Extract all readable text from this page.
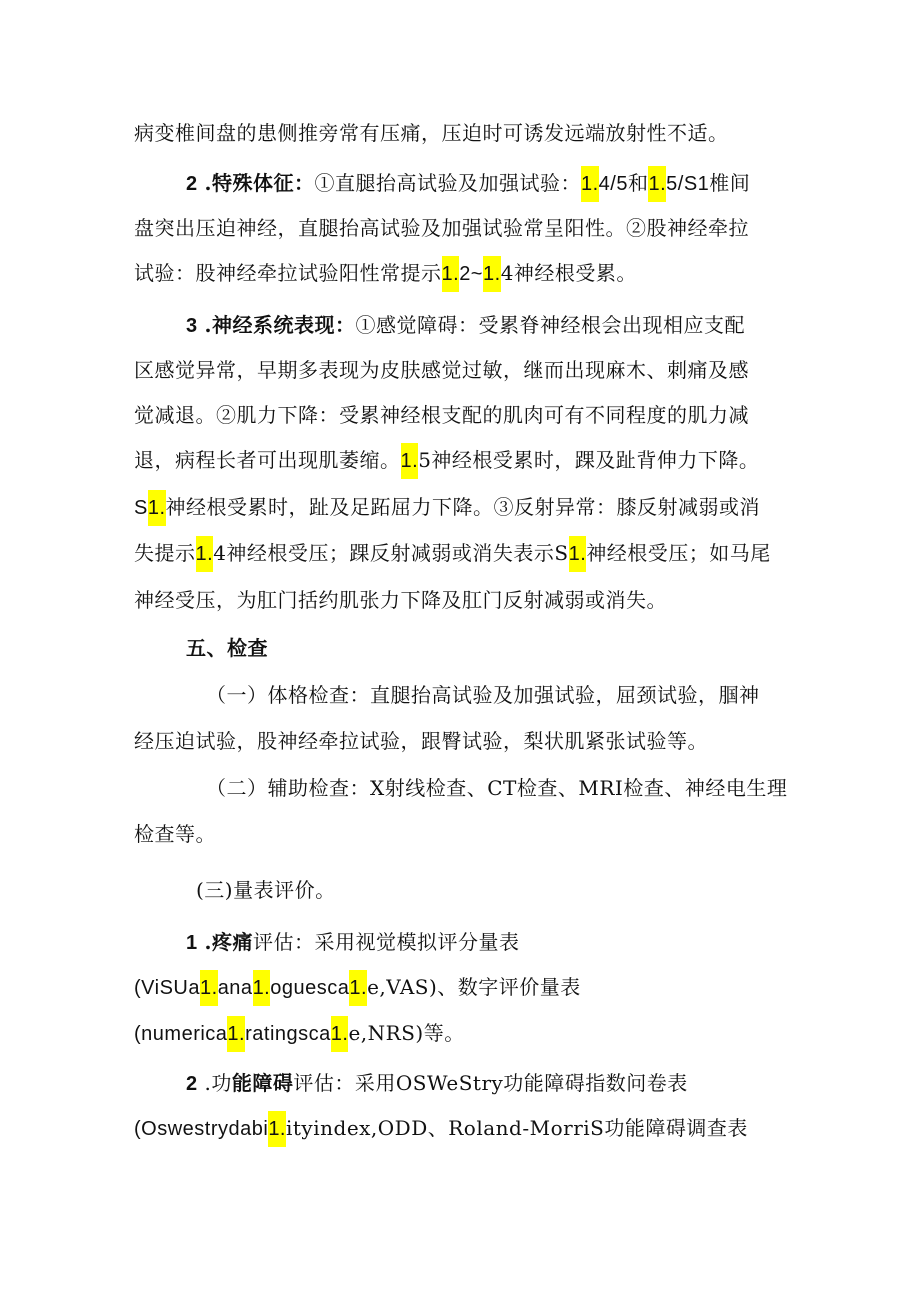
病变椎间盘的患侧推旁常有压痛，压迫时可诱发远端放射性不适。
2 .特殊体征：①直腿抬高试验及加强试验：1.4/5和1.5/S1椎间
盘突出压迫神经，直腿抬高试验及加强试验常呈阳性。②股神经牵拉
试验：股神经牵拉试验阳性常提示1.2~1.4神经根受累。
3 .神经系统表现：①感觉障碍：受累脊神经根会出现相应支配
区感觉异常，早期多表现为皮肤感觉过敏，继而出现麻木、刺痛及感
觉减退。②肌力下降：受累神经根支配的肌肉可有不同程度的肌力减
退，病程长者可出现肌萎缩。1.5神经根受累时，踝及趾背伸力下降。
S1.神经根受累时，趾及足跖屈力下降。③反射异常：膝反射减弱或消
失提示1.4神经根受压；踝反射减弱或消失表示S1.神经根受压；如马尾
神经受压，为肛门括约肌张力下降及肛门反射减弱或消失。
五、检查
（一）体格检查：直腿抬高试验及加强试验，屈颈试验，腘神
经压迫试验，股神经牵拉试验，跟臀试验，梨状肌紧张试验等。
（二）辅助检查：X射线检查、CT检查、MRI检查、神经电生理
检查等。
(三)量表评价。
1 .疼痛评估：采用视觉模拟评分量表
(ViSUa1.ana1.oguesca1.e,VAS)、数字评价量表
(numerica1.ratingsca1.e,NRS)等。
2 .功能障碍评估：采用OSWeStry功能障碍指数问卷表
(Oswestrydabi1.ityindex,ODD、Roland-MorriS功能障碍调查表
